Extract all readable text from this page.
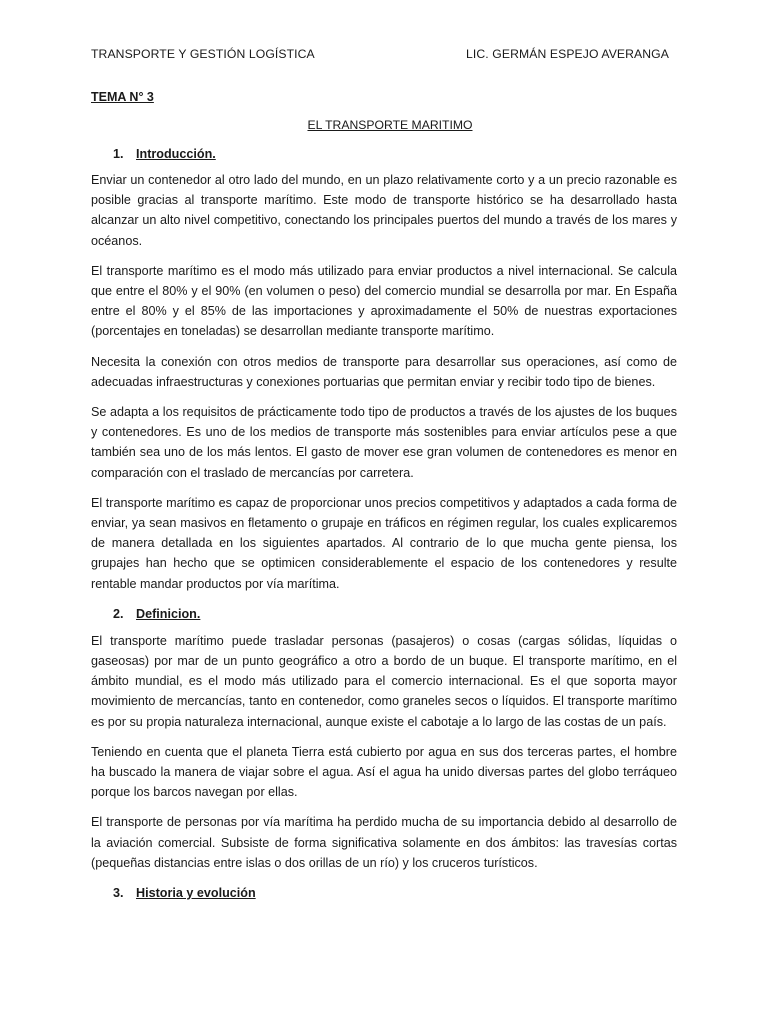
TRANSPORTE Y GESTIÓN LOGÍSTICA	LIC. GERMÁN ESPEJO AVERANGA
TEMA N° 3
EL TRANSPORTE MARITIMO
1. Introducción.

Enviar un contenedor al otro lado del mundo, en un plazo relativamente corto y a un precio razonable es posible gracias al transporte marítimo. Este modo de transporte histórico se ha desarrollado hasta alcanzar un alto nivel competitivo, conectando los principales puertos del mundo a través de los mares y océanos.

El transporte marítimo es el modo más utilizado para enviar productos a nivel internacional. Se calcula que entre el 80% y el 90% (en volumen o peso) del comercio mundial se desarrolla por mar. En España entre el 80% y el 85% de las importaciones y aproximadamente el 50% de nuestras exportaciones (porcentajes en toneladas) se desarrollan mediante transporte marítimo.

Necesita la conexión con otros medios de transporte para desarrollar sus operaciones, así como de adecuadas infraestructuras y conexiones portuarias que permitan enviar y recibir todo tipo de bienes.

Se adapta a los requisitos de prácticamente todo tipo de productos a través de los ajustes de los buques y contenedores. Es uno de los medios de transporte más sostenibles para enviar artículos pese a que también sea uno de los más lentos. El gasto de mover ese gran volumen de contenedores es menor en comparación con el traslado de mercancías por carretera.

El transporte marítimo es capaz de proporcionar unos precios competitivos y adaptados a cada forma de enviar, ya sean masivos en fletamento o grupaje en tráficos en régimen regular, los cuales explicaremos de manera detallada en los siguientes apartados. Al contrario de lo que mucha gente piensa, los grupajes han hecho que se optimicen considerablemente el espacio de los contenedores y resulte rentable mandar productos por vía marítima.

2. Definicion.

El transporte marítimo puede trasladar personas (pasajeros) o cosas (cargas sólidas, líquidas o gaseosas) por mar de un punto geográfico a otro a bordo de un buque. El transporte marítimo, en el ámbito mundial, es el modo más utilizado para el comercio internacional. Es el que soporta mayor movimiento de mercancías, tanto en contenedor, como graneles secos o líquidos. El transporte marítimo es por su propia naturaleza internacional, aunque existe el cabotaje a lo largo de las costas de un país.

Teniendo en cuenta que el planeta Tierra está cubierto por agua en sus dos terceras partes, el hombre ha buscado la manera de viajar sobre el agua. Así el agua ha unido diversas partes del globo terráqueo porque los barcos navegan por ellas.

El transporte de personas por vía marítima ha perdido mucha de su importancia debido al desarrollo de la aviación comercial. Subsiste de forma significativa solamente en dos ámbitos: las travesías cortas (pequeñas distancias entre islas o dos orillas de un río) y los cruceros turísticos.

3. Historia y evolución
